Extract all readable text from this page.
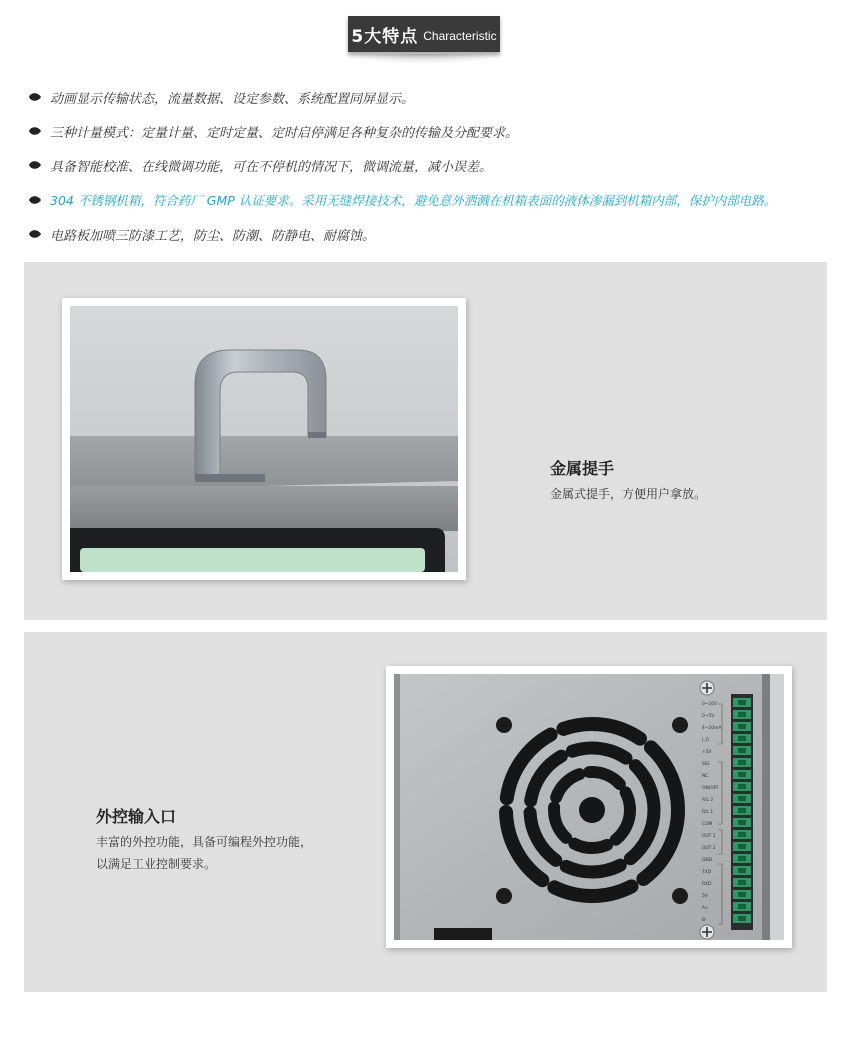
5大特点 Characteristic
动画显示传输状态，流量数据、设定参数、系统配置同屏显示。
三种计量模式：定量计量、定时定量、定时启停满足各种复杂的传输及分配要求。
具备智能校准、在线微调功能，可在不停机的情况下，微调流量，减小误差。
304 不锈钢机箱，符合药厂 GMP 认证要求。采用无缝焊接技术，避免意外洒溅在机箱表面的液体渗漏到机箱内部，保护内部电路。
电路板加喷三防漆工艺，防尘、防潮、防静电、耐腐蚀。
金属提手
金属式提手，方便用户拿放。
外控输入口
丰富的外控功能，具备可编程外控功能，
以满足工业控制要求。
0~10V
0~5V
4~20mA
I_O
+5V
SIG
NC
ON/OFF
R/L 2
R/L 1
COM
OUT 1
OUT 2
GND
TXD
RXD
5V
A+
B-
